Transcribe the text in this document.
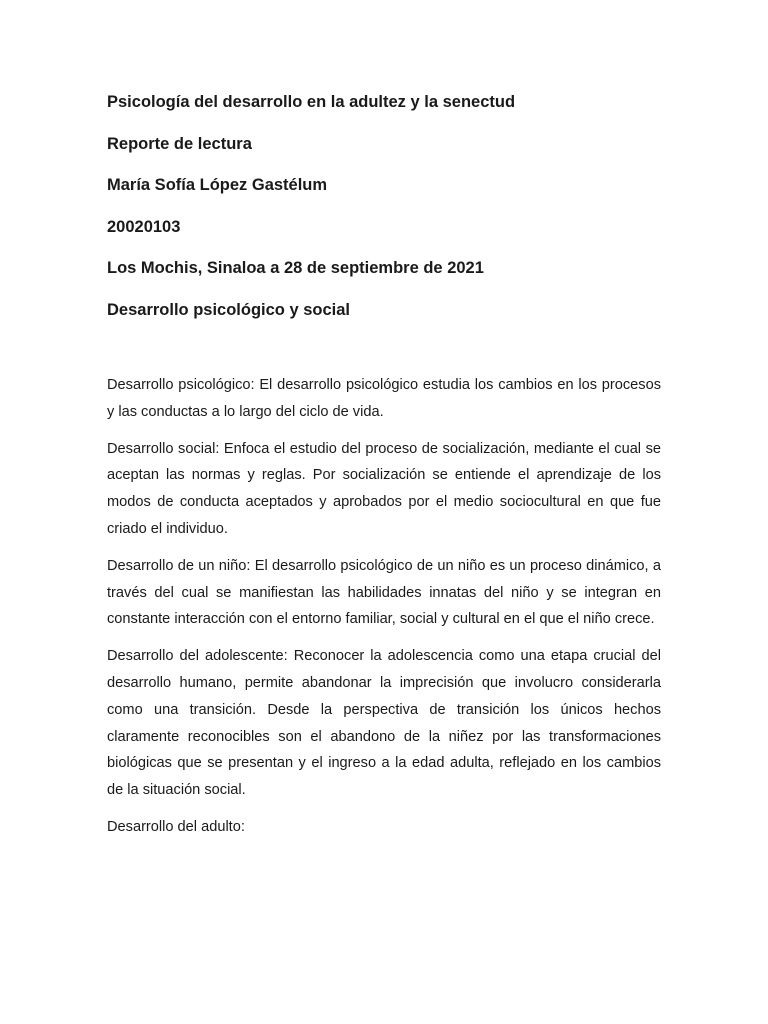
Psicología del desarrollo en la adultez y la senectud
Reporte de lectura
María Sofía López Gastélum
20020103
Los Mochis, Sinaloa a 28 de septiembre de 2021
Desarrollo psicológico y social

Desarrollo psicológico: El desarrollo psicológico estudia los cambios en los procesos y las conductas a lo largo del ciclo de vida.

Desarrollo social: Enfoca el estudio del proceso de socialización, mediante el cual se aceptan las normas y reglas. Por socialización se entiende el aprendizaje de los modos de conducta aceptados y aprobados por el medio sociocultural en que fue criado el individuo.

Desarrollo de un niño: El desarrollo psicológico de un niño es un proceso dinámico, a través del cual se manifiestan las habilidades innatas del niño y se integran en constante interacción con el entorno familiar, social y cultural en el que el niño crece.

Desarrollo del adolescente: Reconocer la adolescencia como una etapa crucial del desarrollo humano, permite abandonar la imprecisión que involucro considerarla como una transición. Desde la perspectiva de transición los únicos hechos claramente reconocibles son el abandono de la niñez por las transformaciones biológicas que se presentan y el ingreso a la edad adulta, reflejado en los cambios de la situación social.

Desarrollo del adulto:
